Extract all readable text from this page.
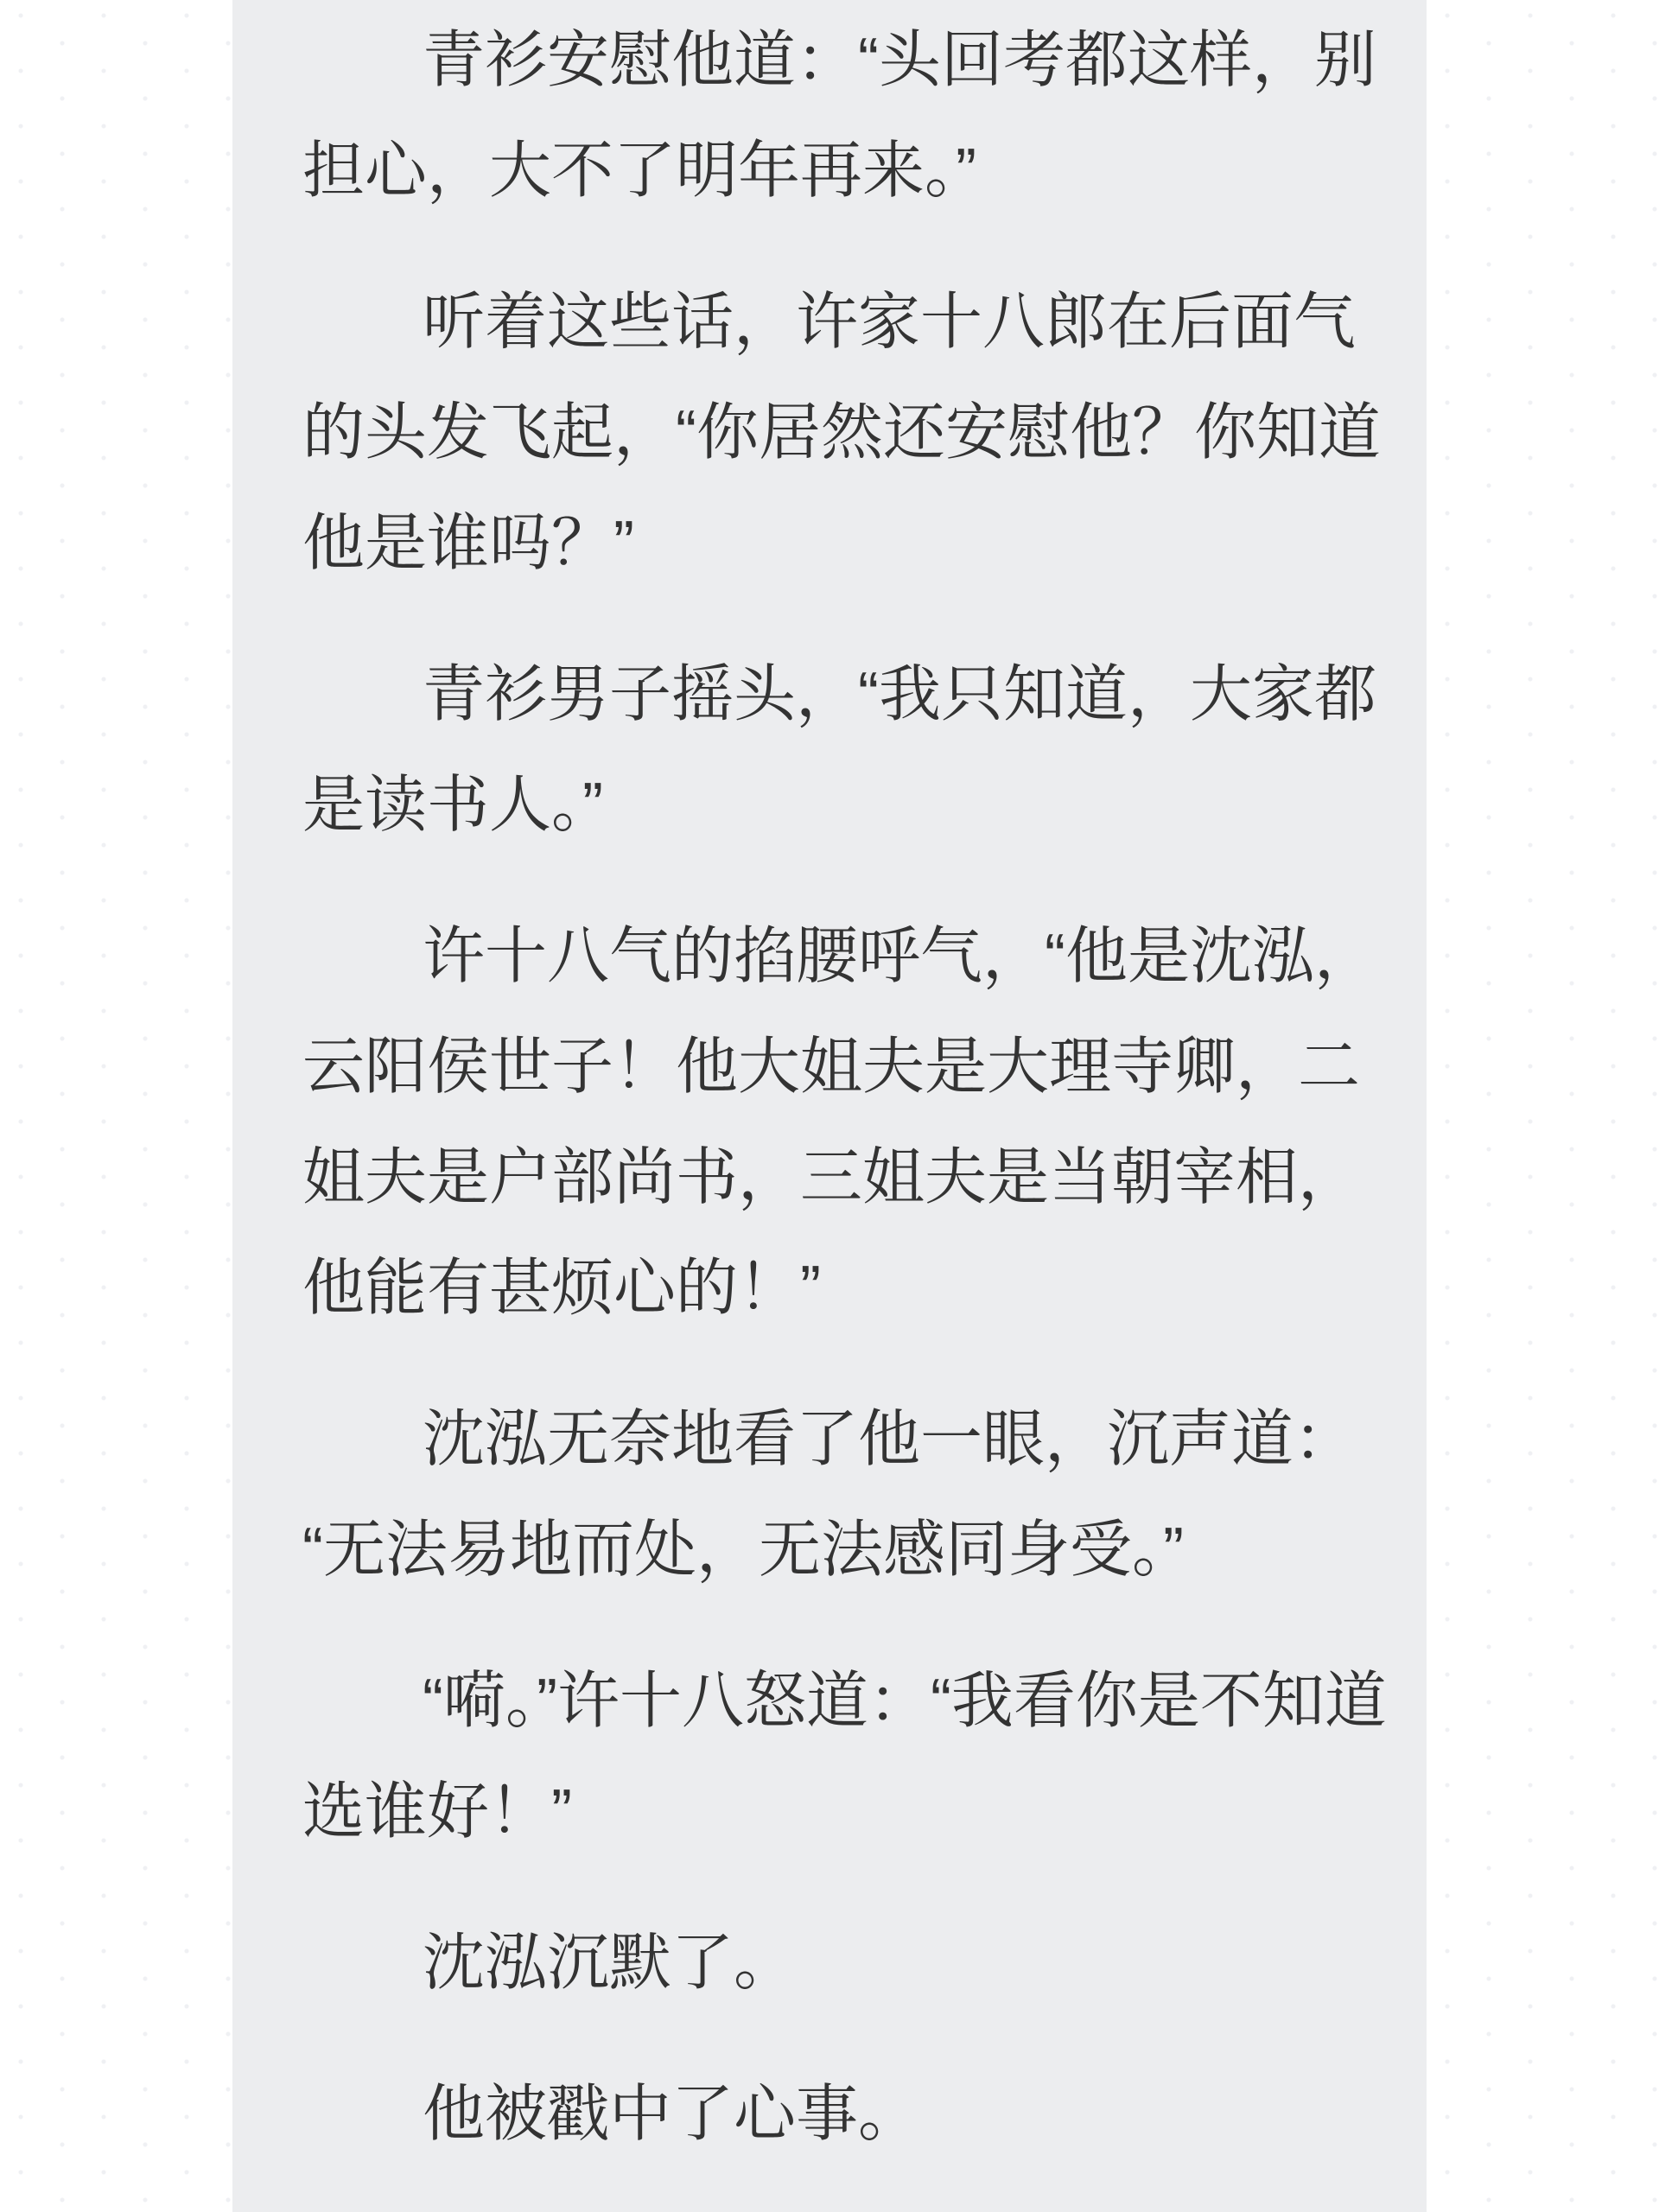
青衫安慰他道：“头回考都这样，别
担心，大不了明年再来。”

听着这些话，许家十八郎在后面气
的头发飞起，“你居然还安慰他？你知道
他是谁吗？”

青衫男子摇头，“我只知道，大家都
是读书人。”

许十八气的掐腰呼气，“他是沈泓，
云阳侯世子！他大姐夫是大理寺卿，二
姐夫是户部尚书，三姐夫是当朝宰相，
他能有甚烦心的！”

沈泓无奈地看了他一眼，沉声道：
“无法易地而处，无法感同身受。”

“嗬。”许十八怒道：“我看你是不知道
选谁好！”

沈泓沉默了。

他被戳中了心事。
